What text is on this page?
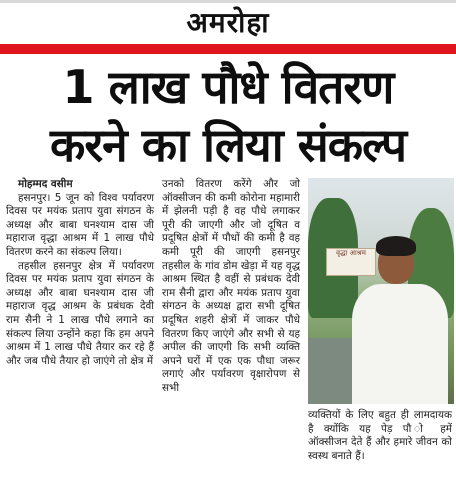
अमरोहा
1 लाख पौधे वितरण
करने का लिया संकल्प

मोहम्मद वसीम

हसनपुर। 5 जून को विश्व पर्यावरण दिवस पर मयंक प्रताप युवा संगठन के अध्यक्ष और बाबा घनश्याम दास जी महाराज वृद्धा आश्रम में 1 लाख पौधे वितरण करने का संकल्प लिया।

तहसील हसनपुर क्षेत्र में पर्यावरण दिवस पर मयंक प्रताप युवा संगठन के अध्यक्ष और बाबा घनश्याम दास जी महाराज वृद्ध आश्रम के प्रबंधक देवी राम सैनी ने 1 लाख पौधे लगाने का संकल्प लिया उन्होंने कहा कि हम अपने आश्रम में 1 लाख पौधे तैयार कर रहे हैं और जब पौधे तैयार हो जाएंगे तो क्षेत्र में

उनको वितरण करेंगे और जो ऑक्सीजन की कमी कोरोना महामारी में झेलनी पड़ी है वह पौधे लगाकर पूरी की जाएगी और जो दूषित व प्रदूषित क्षेत्रों में पौधों की कमी है वह कमी पूरी की जाएगी हसनपुर तहसील के गांव डोम खेड़ा में यह वृद्ध आश्रम स्थित है वहीं से प्रबंधक देवी राम सैनी द्वारा और मयंक प्रताप युवा संगठन के अध्यक्ष द्वारा सभी दूषित प्रदूषित शहरी क्षेत्रों में जाकर पौधे वितरण किए जाएंगे और सभी से यह अपील की जाएगी कि सभी व्यक्ति अपने घरों में एक एक पौधा जरूर लगाएं और पर्यावरण वृक्षारोपण से सभी

वृद्धा आश्रम

व्यक्तियों के लिए बहुत ही लामदायक है क्योंकि यह पेड़ पौ ो हमें ऑक्सीजन देते हैं और हमारे जीवन को स्वस्थ बनाते हैं।
